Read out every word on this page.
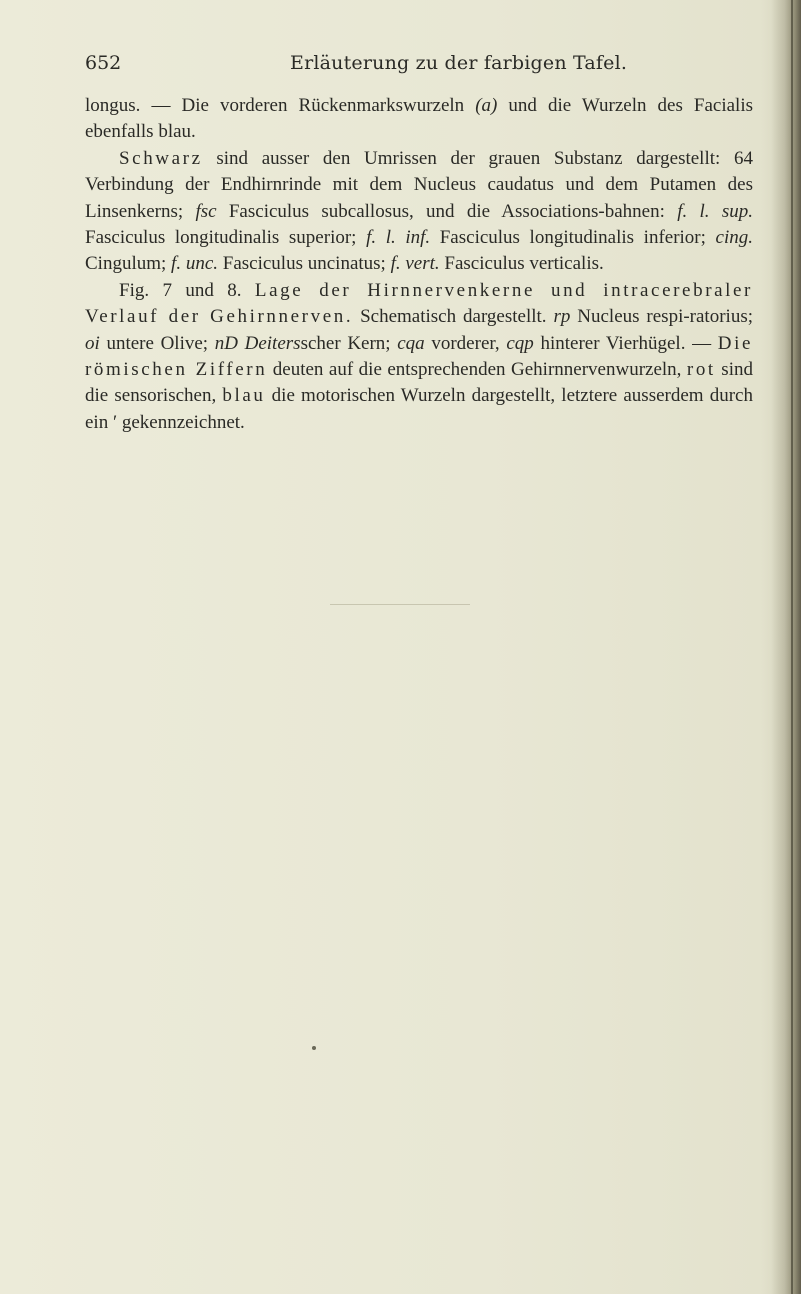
652	Erläuterung zu der farbigen Tafel.

longus. — Die vorderen Rückenmarkswurzeln (a) und die Wurzeln des Facialis ebenfalls blau.

Schwarz sind ausser den Umrissen der grauen Substanz dargestellt: 64 Verbindung der Endhirnrinde mit dem Nucleus caudatus und dem Putamen des Linsenkerns; fsc Fasciculus subcallosus, und die Associations-bahnen: f. l. sup. Fasciculus longitudinalis superior; f. l. inf. Fasciculus longitudinalis inferior; cing. Cingulum; f. unc. Fasciculus uncinatus; f. vert. Fasciculus verticalis.

Fig. 7 und 8. Lage der Hirnnervenkerne und intracerebraler Verlauf der Gehirnnerven. Schematisch dargestellt. rp Nucleus respi-ratorius; oi untere Olive; nD Deitersscher Kern; cqa vorderer, cqp hinterer Vierhügel. — Die römischen Ziffern deuten auf die entsprechenden Gehirnnervenwurzeln, rot sind die sensorischen, blau die motorischen Wurzeln dargestellt, letztere ausserdem durch ein ′ gekennzeichnet.
